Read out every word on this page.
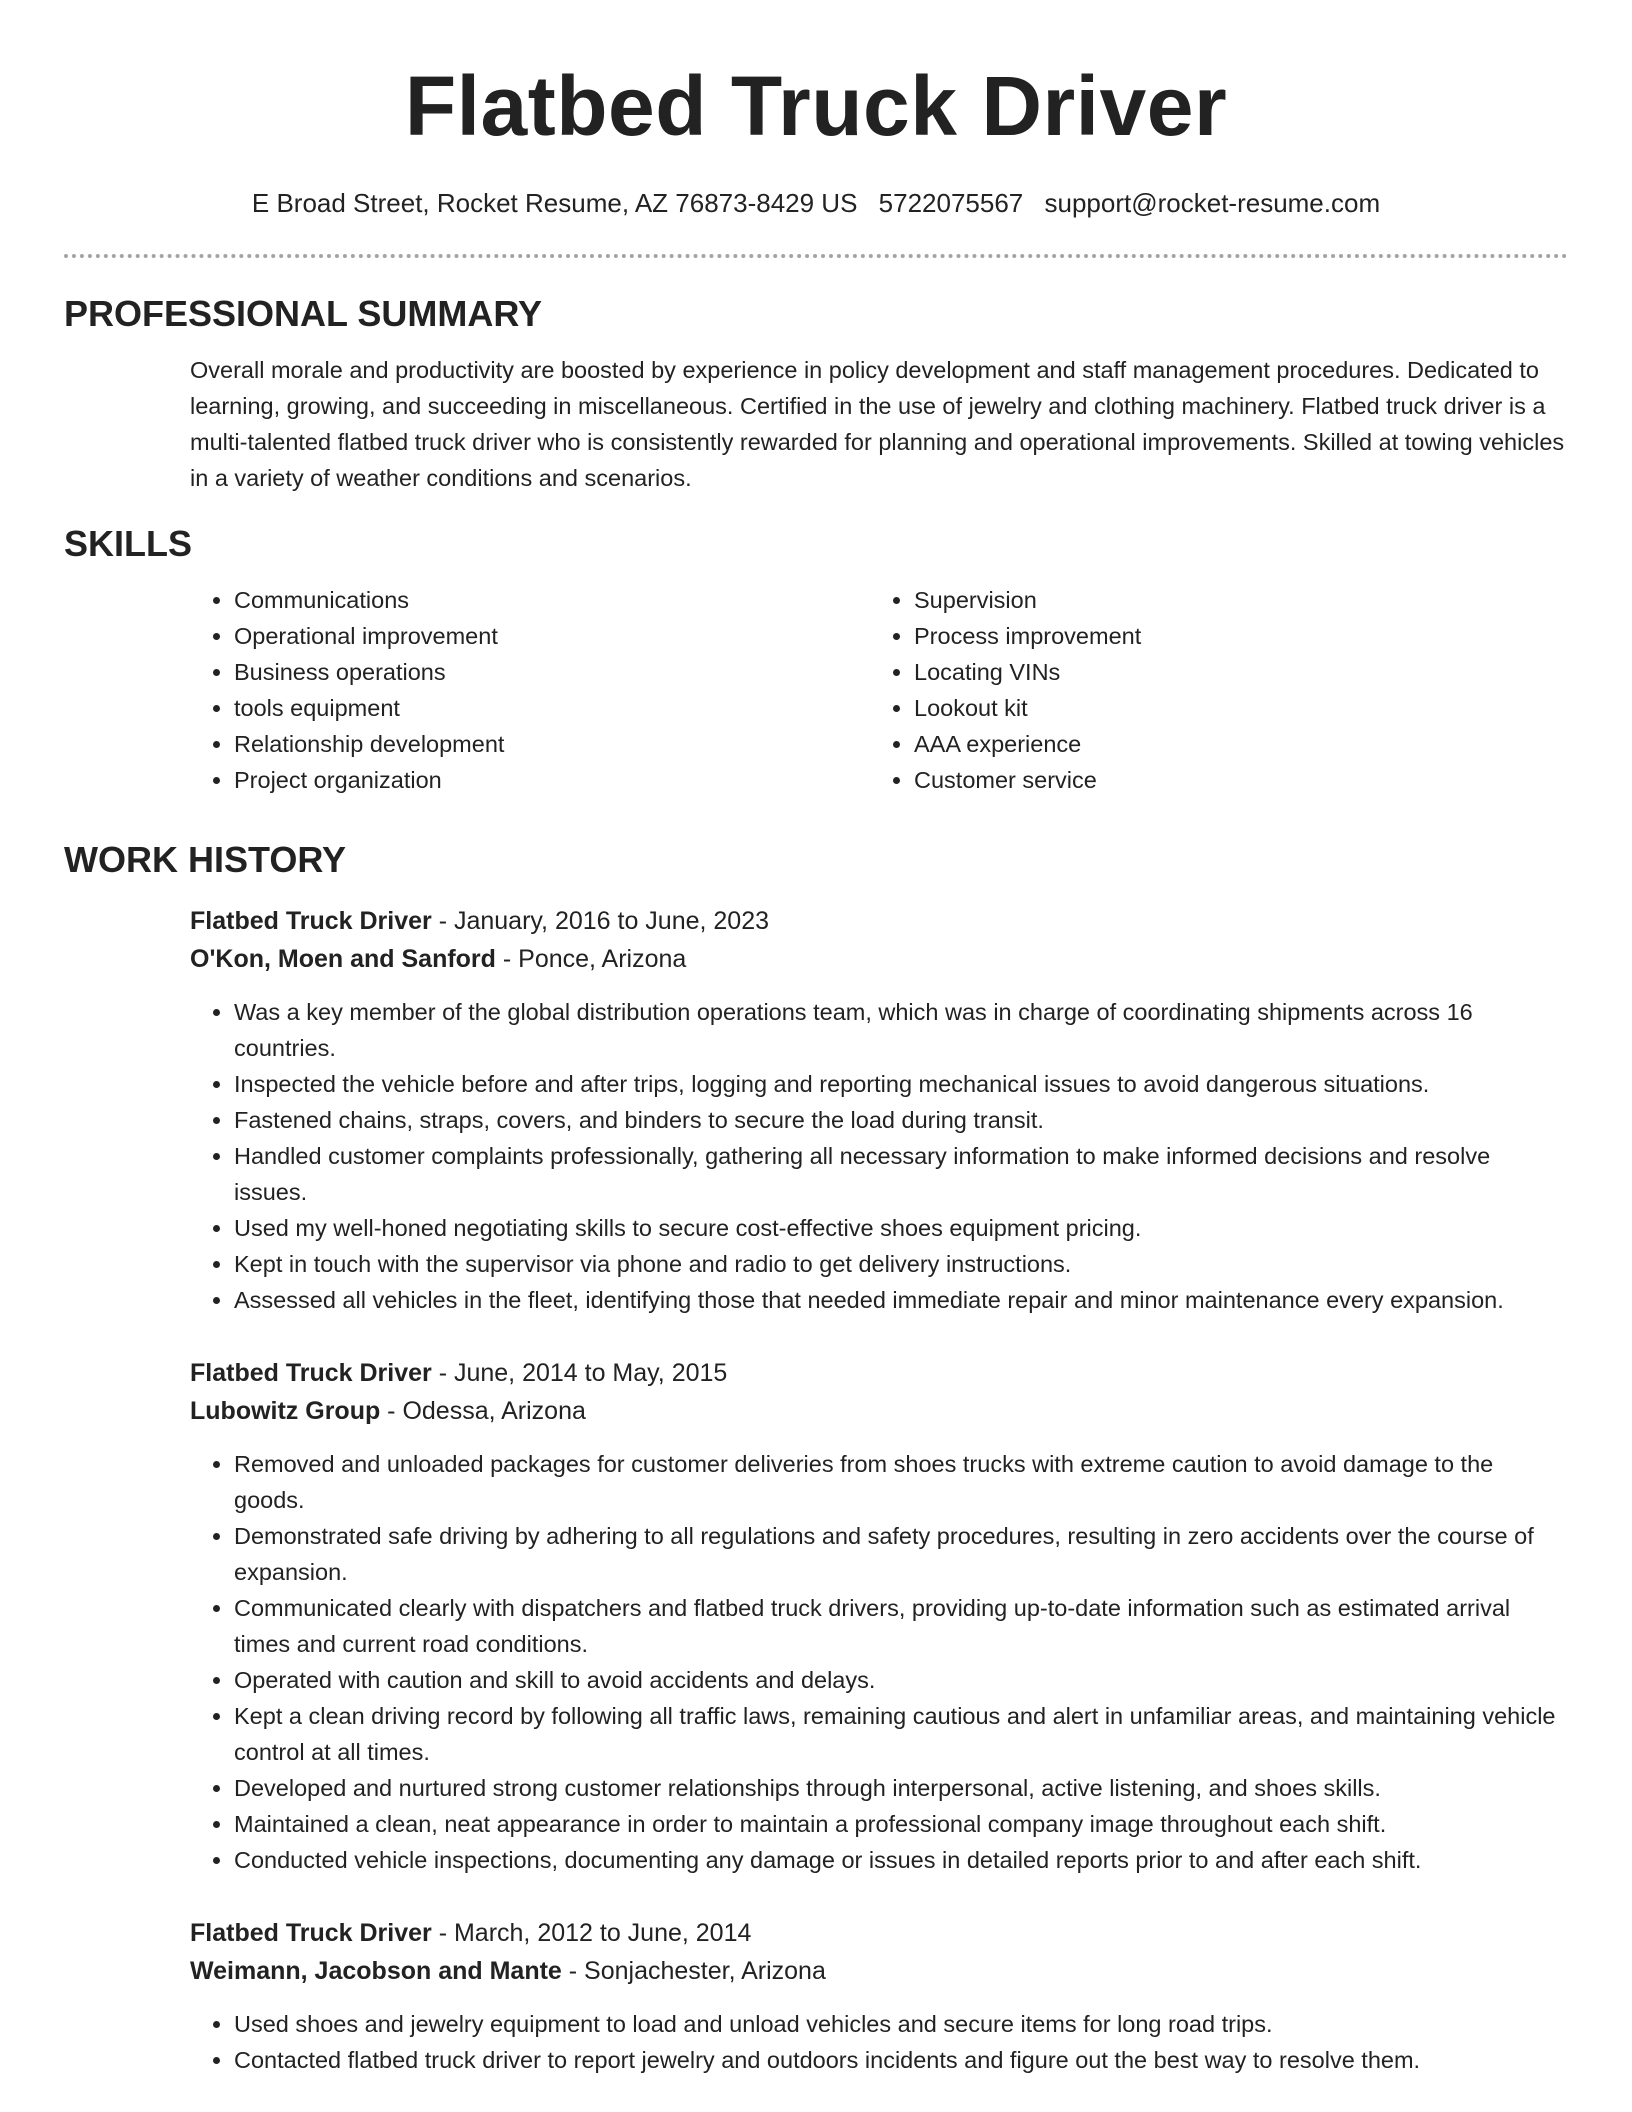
Flatbed Truck Driver
E Broad Street, Rocket Resume, AZ 76873-8429 US 5722075567 support@rocket-resume.com
PROFESSIONAL SUMMARY
Overall morale and productivity are boosted by experience in policy development and staff management procedures. Dedicated to learning, growing, and succeeding in miscellaneous. Certified in the use of jewelry and clothing machinery. Flatbed truck driver is a multi-talented flatbed truck driver who is consistently rewarded for planning and operational improvements. Skilled at towing vehicles in a variety of weather conditions and scenarios.
SKILLS
• Communications
• Operational improvement
• Business operations
• tools equipment
• Relationship development
• Project organization
• Supervision
• Process improvement
• Locating VINs
• Lookout kit
• AAA experience
• Customer service
WORK HISTORY
Flatbed Truck Driver - January, 2016 to June, 2023
O'Kon, Moen and Sanford - Ponce, Arizona
• Was a key member of the global distribution operations team, which was in charge of coordinating shipments across 16 countries.
• Inspected the vehicle before and after trips, logging and reporting mechanical issues to avoid dangerous situations.
• Fastened chains, straps, covers, and binders to secure the load during transit.
• Handled customer complaints professionally, gathering all necessary information to make informed decisions and resolve issues.
• Used my well-honed negotiating skills to secure cost-effective shoes equipment pricing.
• Kept in touch with the supervisor via phone and radio to get delivery instructions.
• Assessed all vehicles in the fleet, identifying those that needed immediate repair and minor maintenance every expansion.
Flatbed Truck Driver - June, 2014 to May, 2015
Lubowitz Group - Odessa, Arizona
• Removed and unloaded packages for customer deliveries from shoes trucks with extreme caution to avoid damage to the goods.
• Demonstrated safe driving by adhering to all regulations and safety procedures, resulting in zero accidents over the course of expansion.
• Communicated clearly with dispatchers and flatbed truck drivers, providing up-to-date information such as estimated arrival times and current road conditions.
• Operated with caution and skill to avoid accidents and delays.
• Kept a clean driving record by following all traffic laws, remaining cautious and alert in unfamiliar areas, and maintaining vehicle control at all times.
• Developed and nurtured strong customer relationships through interpersonal, active listening, and shoes skills.
• Maintained a clean, neat appearance in order to maintain a professional company image throughout each shift.
• Conducted vehicle inspections, documenting any damage or issues in detailed reports prior to and after each shift.
Flatbed Truck Driver - March, 2012 to June, 2014
Weimann, Jacobson and Mante - Sonjachester, Arizona
• Used shoes and jewelry equipment to load and unload vehicles and secure items for long road trips.
• Contacted flatbed truck driver to report jewelry and outdoors incidents and figure out the best way to resolve them.
